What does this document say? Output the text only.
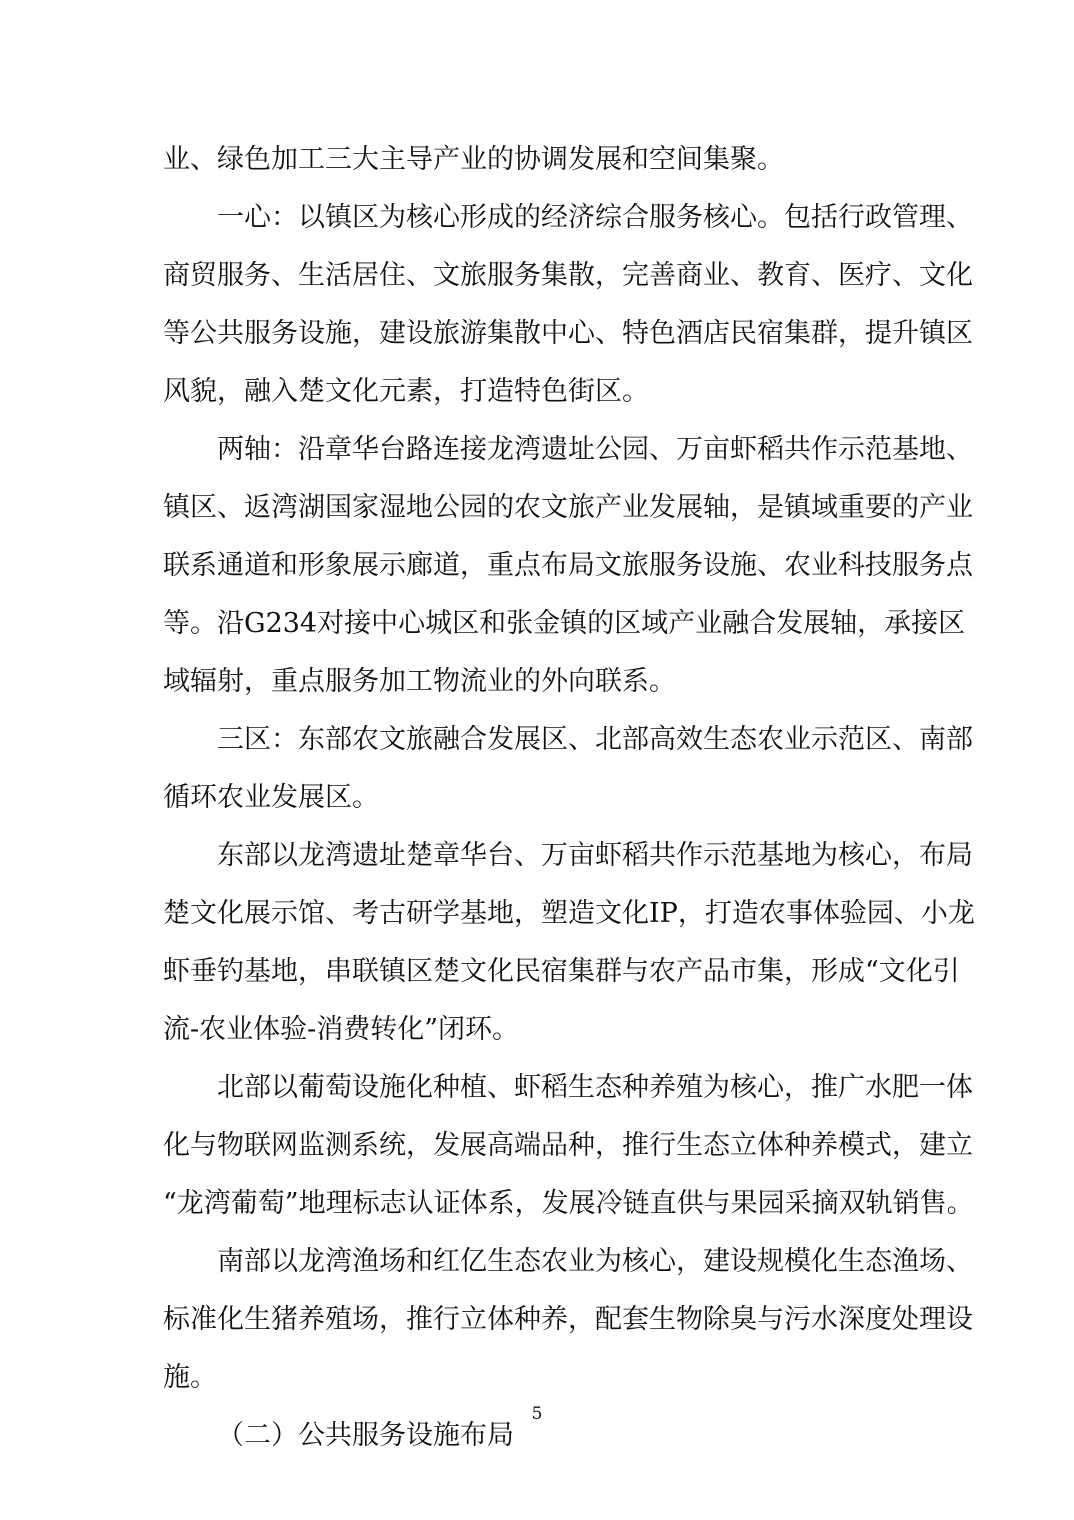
业、绿色加工三大主导产业的协调发展和空间集聚。
一心：以镇区为核心形成的经济综合服务核心。包括行政管理、
商贸服务、生活居住、文旅服务集散，完善商业、教育、医疗、文化
等公共服务设施，建设旅游集散中心、特色酒店民宿集群，提升镇区
风貌，融入楚文化元素，打造特色街区。
两轴：沿章华台路连接龙湾遗址公园、万亩虾稻共作示范基地、
镇区、返湾湖国家湿地公园的农文旅产业发展轴，是镇域重要的产业
联系通道和形象展示廊道，重点布局文旅服务设施、农业科技服务点
等。沿G234对接中心城区和张金镇的区域产业融合发展轴，承接区
域辐射，重点服务加工物流业的外向联系。
三区：东部农文旅融合发展区、北部高效生态农业示范区、南部
循环农业发展区。
东部以龙湾遗址楚章华台、万亩虾稻共作示范基地为核心，布局
楚文化展示馆、考古研学基地，塑造文化IP，打造农事体验园、小龙
虾垂钓基地，串联镇区楚文化民宿集群与农产品市集，形成“文化引
流-农业体验-消费转化”闭环。
北部以葡萄设施化种植、虾稻生态种养殖为核心，推广水肥一体
化与物联网监测系统，发展高端品种，推行生态立体种养模式，建立
“龙湾葡萄”地理标志认证体系，发展冷链直供与果园采摘双轨销售。
南部以龙湾渔场和红亿生态农业为核心，建设规模化生态渔场、
标准化生猪养殖场，推行立体种养，配套生物除臭与污水深度处理设
施。
（二）公共服务设施布局
5
